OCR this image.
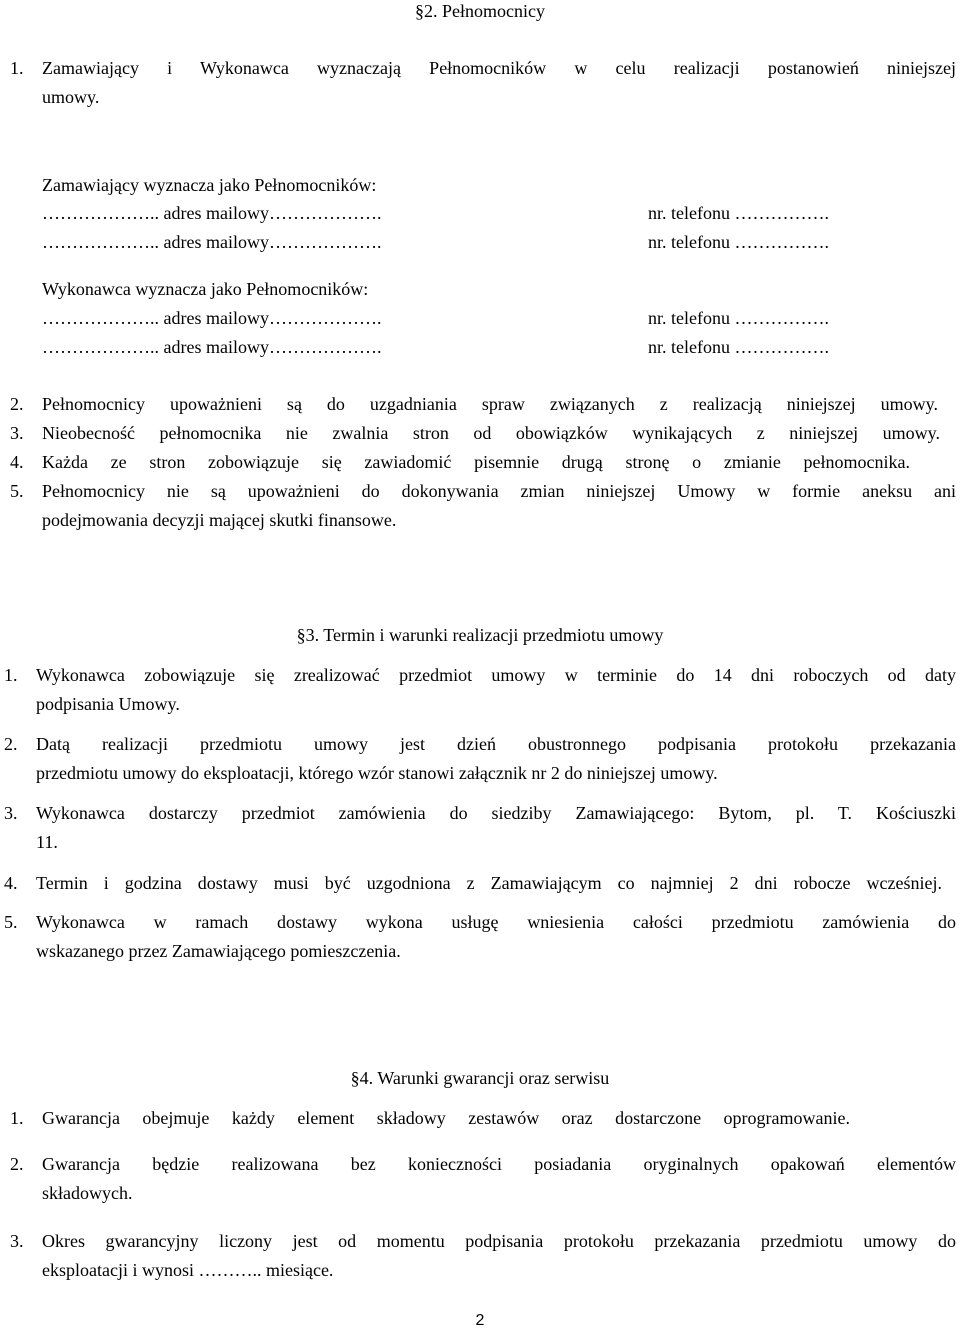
§2. Pełnomocnicy
1. Zamawiający i Wykonawca wyznaczają Pełnomocników w celu realizacji postanowień niniejszej
umowy.
Zamawiający wyznacza jako Pełnomocników:
……………….. adres mailowy……………….	nr. telefonu …………….
……………….. adres mailowy……………….	nr. telefonu …………….
Wykonawca wyznacza jako Pełnomocników:
……………….. adres mailowy……………….	nr. telefonu …………….
……………….. adres mailowy……………….	nr. telefonu …………….
2. Pełnomocnicy upoważnieni są do uzgadniania spraw związanych z realizacją niniejszej umowy.
3. Nieobecność pełnomocnika nie zwalnia stron od obowiązków wynikających z niniejszej umowy.
4. Każda ze stron zobowiązuje się zawiadomić pisemnie drugą stronę o zmianie pełnomocnika.
5. Pełnomocnicy nie są upoważnieni do dokonywania zmian niniejszej Umowy w formie aneksu ani
podejmowania decyzji mającej skutki finansowe.
§3. Termin i warunki realizacji przedmiotu umowy
1. Wykonawca zobowiązuje się zrealizować przedmiot umowy w terminie do 14 dni roboczych od daty
podpisania Umowy.
2. Datą realizacji przedmiotu umowy jest dzień obustronnego podpisania protokołu przekazania
przedmiotu umowy do eksploatacji, którego wzór stanowi załącznik nr 2 do niniejszej umowy.
3. Wykonawca dostarczy przedmiot zamówienia do siedziby Zamawiającego: Bytom, pl. T. Kościuszki
11.
4. Termin i godzina dostawy musi być uzgodniona z Zamawiającym co najmniej 2 dni robocze wcześniej.
5. Wykonawca w ramach dostawy wykona usługę wniesienia całości przedmiotu zamówienia do
wskazanego przez Zamawiającego pomieszczenia.
§4. Warunki gwarancji oraz serwisu
1. Gwarancja obejmuje każdy element składowy zestawów oraz dostarczone oprogramowanie.
2. Gwarancja będzie realizowana bez konieczności posiadania oryginalnych opakowań elementów
składowych.
3. Okres gwarancyjny liczony jest od momentu podpisania protokołu przekazania przedmiotu umowy do
eksploatacji i wynosi ……….. miesiące.
2
